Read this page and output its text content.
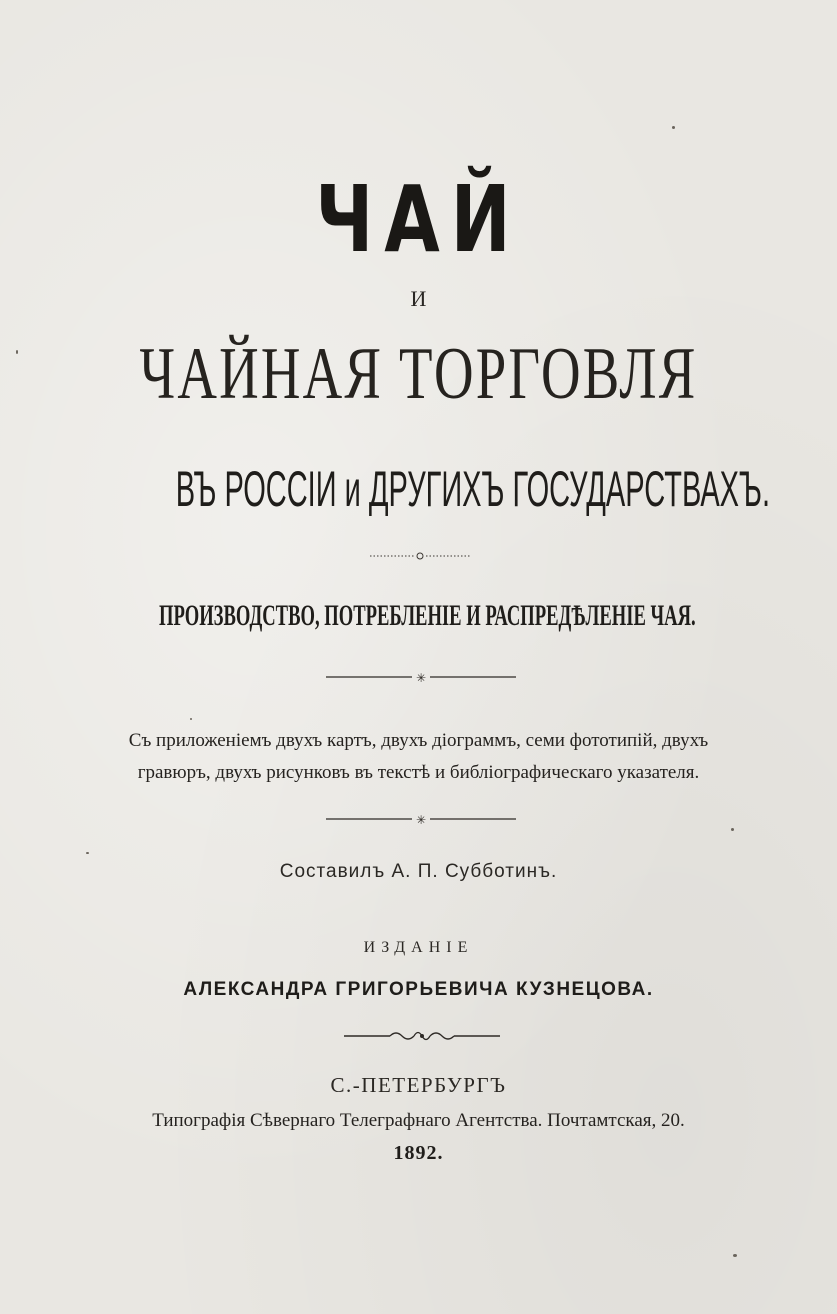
ЧАЙ
И
ЧАЙНАЯ ТОРГОВЛЯ
ВЪ РОССІИ и ДРУГИХЪ ГОСУДАРСТВАХЪ.
ПРОИЗВОДСТВО, ПОТРЕБЛЕНІЕ И РАСПРЕДѢЛЕНІЕ ЧАЯ.
✳
Съ приложеніемъ двухъ картъ, двухъ діограммъ, семи фототипій, двухъ
гравюръ, двухъ рисунковъ въ текстѣ и библіографическаго указателя.
✳
Составилъ А. П. Субботинъ.
ИЗДАНІЕ
АЛЕКСАНДРА ГРИГОРЬЕВИЧА КУЗНЕЦОВА.
С.-ПЕТЕРБУРГЪ
Типографія Сѣвернаго Телеграфнаго Агентства. Почтамтская, 20.
1892.
